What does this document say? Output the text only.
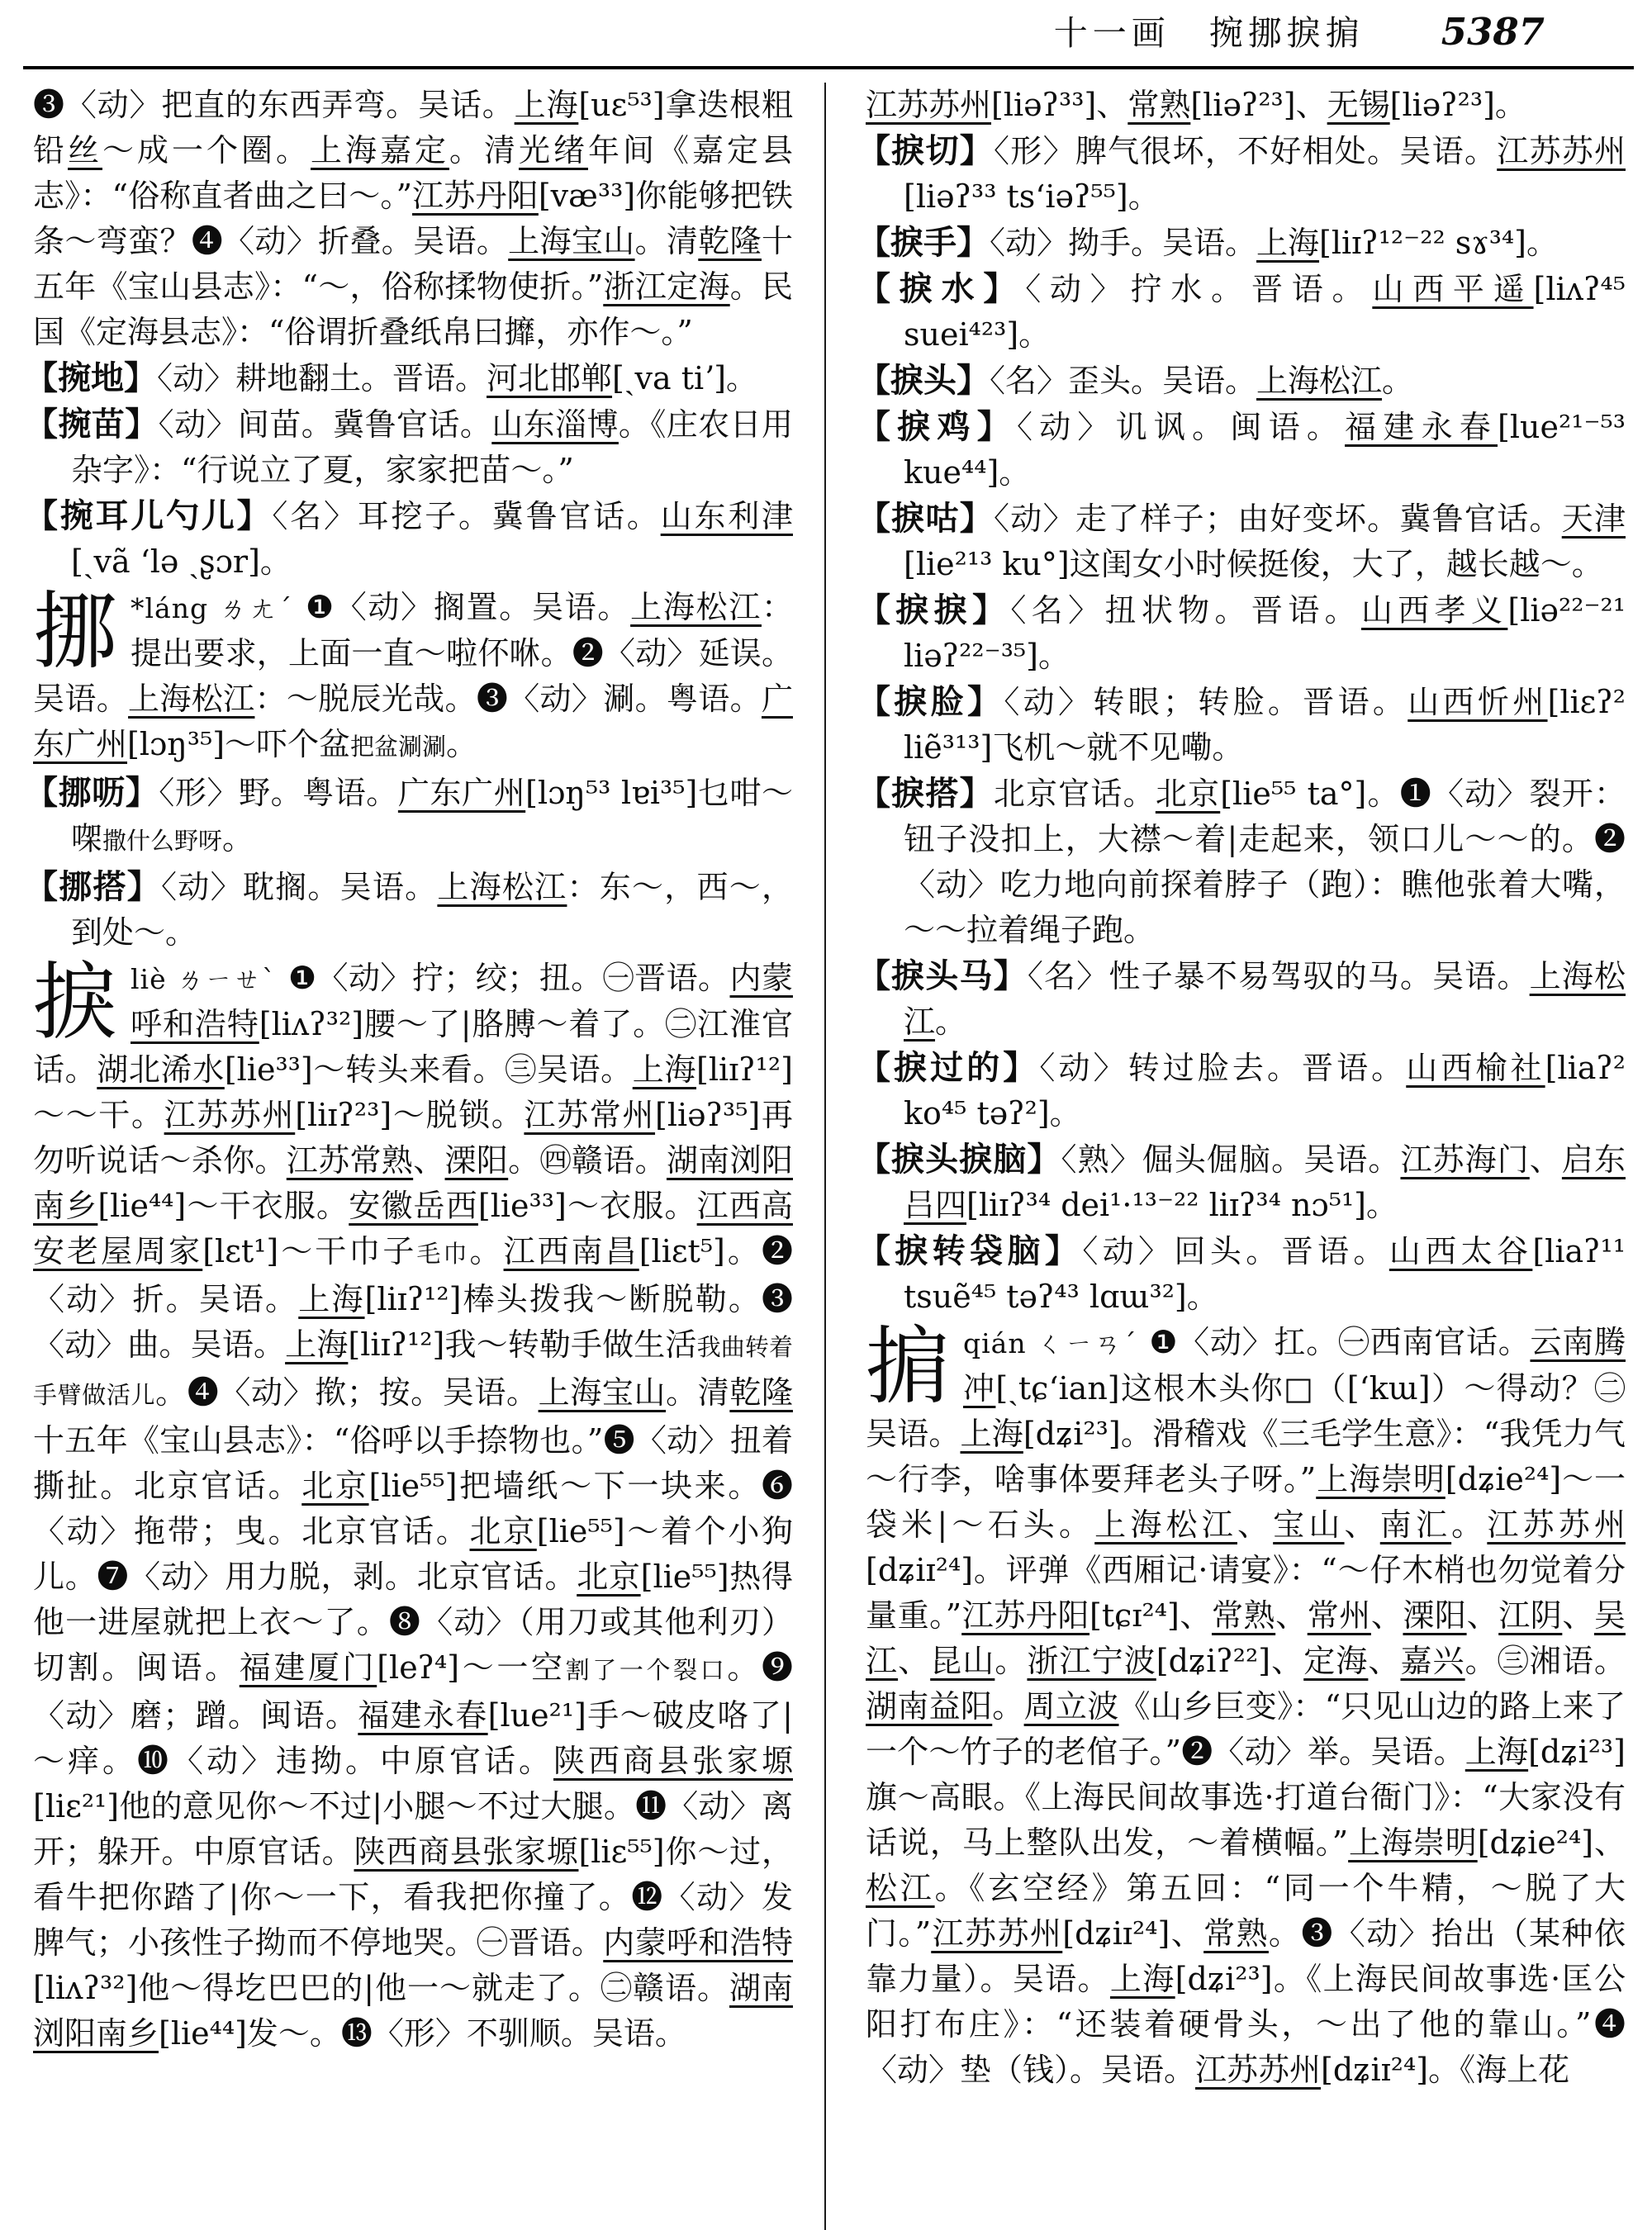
十一画　捥挪捩掮 5387

❸〈动〉把直的东西弄弯。吴话。上海[uɛ⁵³]拿迭根粗铅丝～成一个圈。上海嘉定。清光绪年间《嘉定县志》：“俗称直者曲之曰～。”江苏丹阳[væ³³]你能够把铁条～弯蛮？❹〈动〉折叠。吴语。上海宝山。清乾隆十五年《宝山县志》：“～，俗称揉物使折。”浙江定海。民国《定海县志》：“俗谓折叠纸帛曰攠，亦作～。”

【捥地】〈动〉耕地翻土。晋语。河北邯郸[ˎva tiʼ]。

【捥苗】〈动〉间苗。冀鲁官话。山东淄博。《庄农日用杂字》：“行说立了夏，家家把苗～。”

【捥耳儿勺儿】〈名〉耳挖子。冀鲁官话。山东利津[ˎvã ʻlə ˎʂɔr]。

挪 *láng ㄌㄤˊ ❶〈动〉搁置。吴语。上海松江：提出要求，上面一直～啦伓咻。❷〈动〉延误。吴语。上海松江：～脱辰光哉。❸〈动〉涮。粤语。广东广州[lɔŋ³⁵]～吓个盆把盆涮涮。

【挪呖】〈形〉野。粤语。广东广州[lɔŋ⁵³ lɐi³⁵]乜咁～㗎撒什么野呀。

【挪搭】〈动〉耽搁。吴语。上海松江：东～，西～，到处～。

捩liè ㄌㄧㄝˋ ❶〈动〉拧；绞；扭。㊀晋语。内蒙呼和浩特[liʌʔ³²]腰～了|胳膊～着了。㊁江淮官话。湖北浠水[lie³³]～转头来看。㊂吴语。上海[liɪʔ¹²]～～干。江苏苏州[liɪʔ²³]～脱锁。江苏常州[liəʔ³⁵]再勿听说话～杀你。江苏常熟、溧阳。㊃赣语。湖南浏阳南乡[lie⁴⁴]～干衣服。安徽岳西[lie³³]～衣服。江西高安老屋周家[lɛt¹]～干巾子毛巾。江西南昌[liɛt⁵]。❷〈动〉折。吴语。上海[liɪʔ¹²]棒头拨我～断脱勒。❸〈动〉曲。吴语。上海[liɪʔ¹²]我～转勒手做生活我曲转着手臂做活儿。❹〈动〉揿；按。吴语。上海宝山。清乾隆十五年《宝山县志》：“俗呼以手捺物也。”❺〈动〉扭着撕扯。北京官话。北京[lie⁵⁵]把墙纸～下一块来。❻〈动〉拖带；曳。北京官话。北京[lie⁵⁵]～着个小狗儿。❼〈动〉用力脱，剥。北京官话。北京[lie⁵⁵]热得他一进屋就把上衣～了。❽〈动〉（用刀或其他利刃）切割。闽语。福建厦门[leʔ⁴]～一空割了一个裂口。❾〈动〉磨；蹭。闽语。福建永春[lue²¹]手～破皮咯了|～痒。❿〈动〉违拗。中原官话。陕西商县张家塬[liɛ²¹]他的意见你～不过|小腿～不过大腿。⓫〈动〉离开；躲开。中原官话。陕西商县张家塬[liɛ⁵⁵]你～过，看牛把你踏了|你～一下，看我把你撞了。⓬〈动〉发脾气；小孩性子拗而不停地哭。㊀晋语。内蒙呼和浩特[liʌʔ³²]他～得圪巴巴的|他一～就走了。㊁赣语。湖南浏阳南乡[lie⁴⁴]发～。⓭〈形〉不驯顺。吴语。

江苏苏州[liəʔ³³]、常熟[liəʔ²³]、无锡[liəʔ²³]。

【捩切】〈形〉脾气很坏，不好相处。吴语。江苏苏州[liəʔ³³ tsʻiəʔ⁵⁵]。

【捩手】〈动〉拗手。吴语。上海[liɪʔ¹²⁻²² sɤ³⁴]。

【捩水】〈动〉拧水。晋语。山西平遥[liʌʔ⁴⁵ suei⁴²³]。

【捩头】〈名〉歪头。吴语。上海松江。

【捩鸡】〈动〉讥讽。闽语。福建永春[lue²¹⁻⁵³ kue⁴⁴]。

【捩咕】〈动〉走了样子；由好变坏。冀鲁官话。天津[lie²¹³ ku°]这闺女小时候挺俊，大了，越长越～。

【捩捩】〈名〉扭状物。晋语。山西孝义[liə²²⁻²¹ liəʔ²²⁻³⁵]。

【捩脸】〈动〉转眼；转脸。晋语。山西忻州[liɛʔ² liẽ³¹³]飞机～就不见嘞。

【捩搭】北京官话。北京[lie⁵⁵ ta°]。❶〈动〉裂开：钮子没扣上，大襟～着|走起来，领口儿～～的。❷〈动〉吃力地向前探着脖子（跑）：瞧他张着大嘴，～～拉着绳子跑。

【捩头马】〈名〉性子暴不易驾驭的马。吴语。上海松江。

【捩过的】〈动〉转过脸去。晋语。山西榆社[liaʔ² ko⁴⁵ təʔ²]。

【捩头捩脑】〈熟〉倔头倔脑。吴语。江苏海门、启东吕四[liɪʔ³⁴ dei¹·¹³⁻²² liɪʔ³⁴ nɔ⁵¹]。

【捩转袋脑】〈动〉回头。晋语。山西太谷[liaʔ¹¹ tsuẽ⁴⁵ təʔ⁴³ lɑɯ³²]。

掮qián ㄑㄧㄢˊ ❶〈动〉扛。㊀西南官话。云南腾冲[ˎtɕʻian]这根木头你□（[ʻkɯ]）～得动？㊁吴语。上海[dʑi²³]。滑稽戏《三毛学生意》：“我凭力气～行李，啥事体要拜老头子呀。”上海崇明[dʑie²⁴]～一袋米|～石头。上海松江、宝山、南汇。江苏苏州[dʑiɪ²⁴]。评弹《西厢记·请宴》：“～仔木梢也勿觉着分量重。”江苏丹阳[tɕɪ²⁴]、常熟、常州、溧阳、江阴、吴江、昆山。浙江宁波[dʑiʔ²²]、定海、嘉兴。㊂湘语。湖南益阳。周立波《山乡巨变》：“只见山边的路上来了一个～竹子的老倌子。”❷〈动〉举。吴语。上海[dʑi²³]旗～高眼。《上海民间故事选·打道台衙门》：“大家没有话说，马上整队出发，～着横幅。”上海崇明[dʑie²⁴]、松江。《玄空经》第五回：“同一个牛精，～脱了大门。”江苏苏州[dʑiɪ²⁴]、常熟。❸〈动〉抬出（某种依靠力量）。吴语。上海[dʑi²³]。《上海民间故事选·匡公阳打布庄》：“还装着硬骨头，～出了他的靠山。”❹〈动〉垫（钱）。吴语。江苏苏州[dʑiɪ²⁴]。《海上花
